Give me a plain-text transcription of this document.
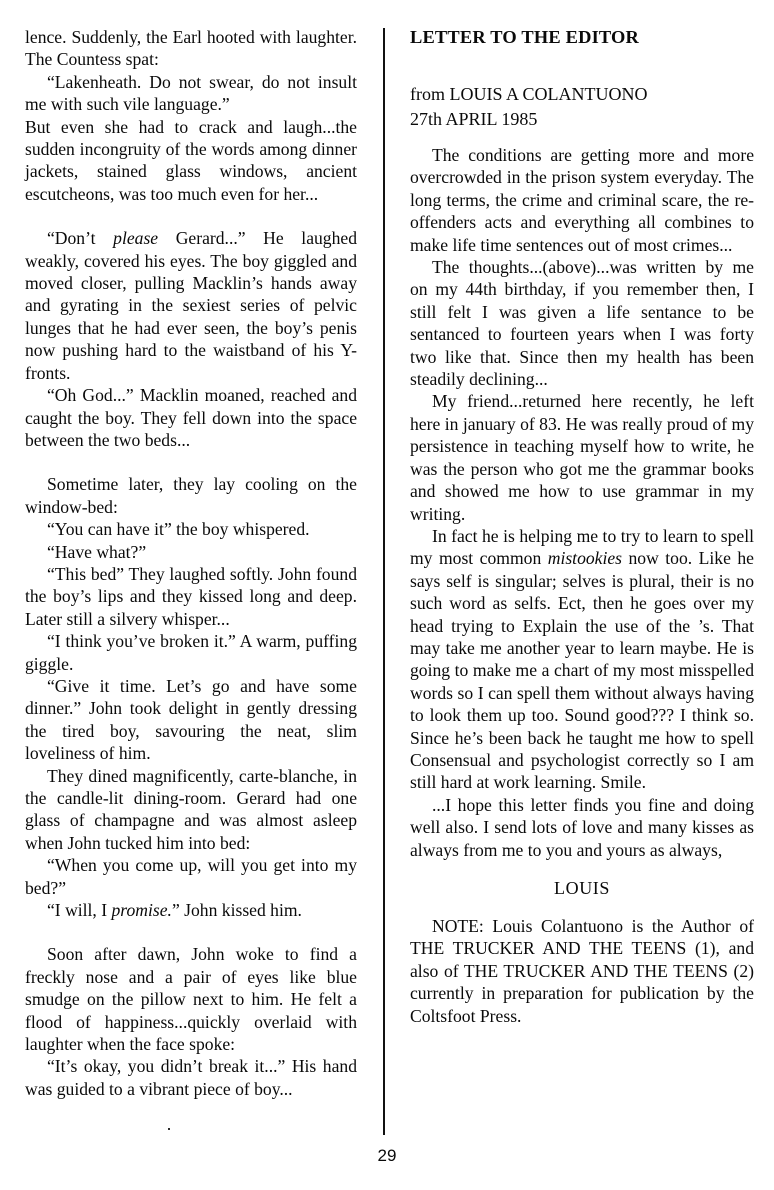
lence. Suddenly, the Earl hooted with laughter. The Countess spat:

“Lakenheath. Do not swear, do not insult me with such vile language.”

But even she had to crack and laugh...the sudden incongruity of the words among dinner jackets, stained glass windows, ancient escutcheons, was too much even for her...

“Don’t please Gerard...” He laughed weakly, covered his eyes. The boy giggled and moved closer, pulling Macklin’s hands away and gyrating in the sexiest series of pelvic lunges that he had ever seen, the boy’s penis now pushing hard to the waistband of his Y-fronts.

“Oh God...” Macklin moaned, reached and caught the boy. They fell down into the space between the two beds...

Sometime later, they lay cooling on the window-bed:

“You can have it” the boy whispered.

“Have what?”

“This bed” They laughed softly. John found the boy’s lips and they kissed long and deep. Later still a silvery whisper...

“I think you’ve broken it.” A warm, puffing giggle.

“Give it time. Let’s go and have some dinner.” John took delight in gently dressing the tired boy, savouring the neat, slim loveliness of him.

They dined magnificently, carte-blanche, in the candle-lit dining-room. Gerard had one glass of champagne and was almost asleep when John tucked him into bed:

“When you come up, will you get into my bed?”

“I will, I promise.” John kissed him.

Soon after dawn, John woke to find a freckly nose and a pair of eyes like blue smudge on the pillow next to him. He felt a flood of happiness...quickly overlaid with laughter when the face spoke:

“It’s okay, you didn’t break it...” His hand was guided to a vibrant piece of boy...

LETTER TO THE EDITOR

from LOUIS A COLANTUONO

27th APRIL 1985

The conditions are getting more and more overcrowded in the prison system everyday. The long terms, the crime and criminal scare, the re-offenders acts and everything all combines to make life time sentences out of most crimes...

The thoughts...(above)...was written by me on my 44th birthday, if you remember then, I still felt I was given a life sentance to be sentanced to fourteen years when I was forty two like that. Since then my health has been steadily declining...

My friend...returned here recently, he left here in january of 83. He was really proud of my persistence in teaching myself how to write, he was the person who got me the grammar books and showed me how to use grammar in my writing.

In fact he is helping me to try to learn to spell my most common mistookies now too. Like he says self is singular; selves is plural, their is no such word as selfs. Ect, then he goes over my head trying to Explain the use of the ’s. That may take me another year to learn maybe. He is going to make me a chart of my most misspelled words so I can spell them without always having to look them up too. Sound good??? I think so. Since he’s been back he taught me how to spell Consensual and psychologist correctly so I am still hard at work learning. Smile.

...I hope this letter finds you fine and doing well also. I send lots of love and many kisses as always from me to you and yours as always,

LOUIS

NOTE: Louis Colantuono is the Author of THE TRUCKER AND THE TEENS (1), and also of THE TRUCKER AND THE TEENS (2) currently in preparation for publication by the Coltsfoot Press.

29
